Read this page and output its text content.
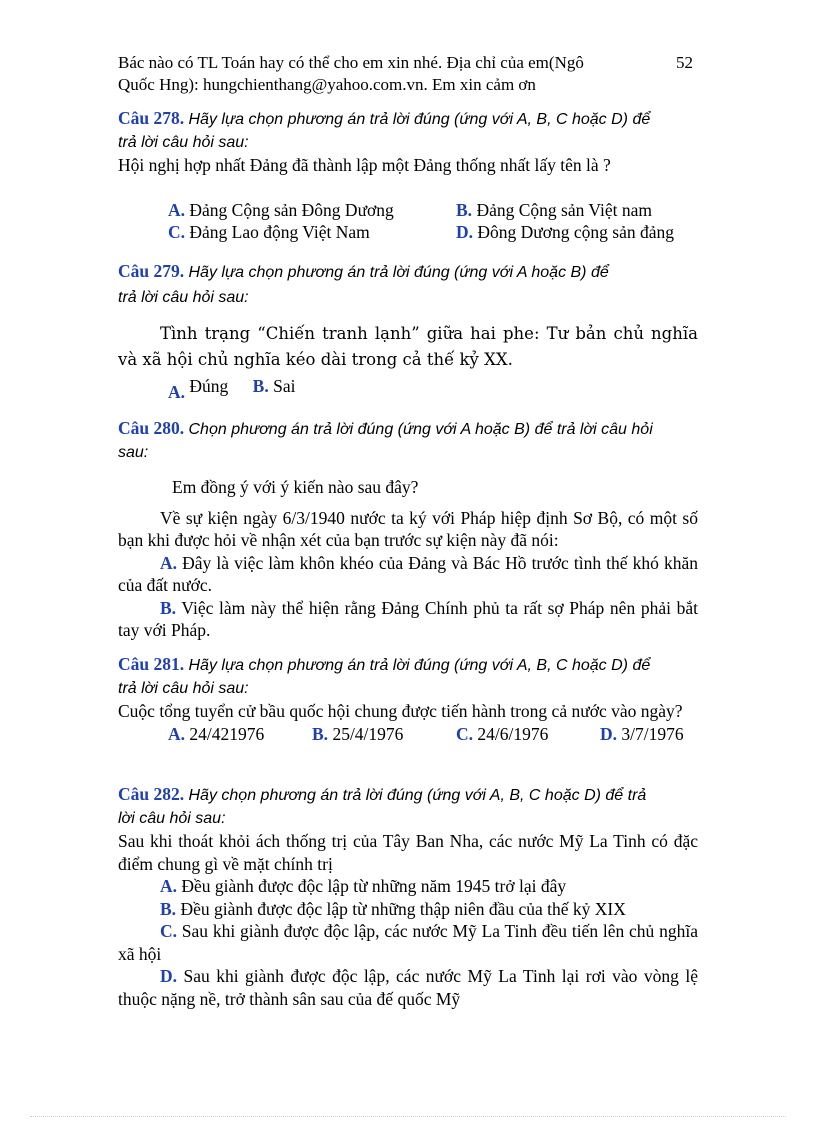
Bác nào có TL Toán hay có thể cho em xin nhé. Địa chỉ của em(Ngô
Quốc Hng): hungchienthang@yahoo.com.vn. Em xin cảm ơn
52
Câu 278. Hãy lựa chọn phương án trả lời đúng (ứng với A, B, C hoặc D) để
trả lời câu hỏi sau:
Hội nghị hợp nhất Đảng đã thành lập một Đảng thống nhất lấy tên là ?
A. Đảng Cộng sản Đông Dương	B. Đảng Cộng sản Việt nam
C. Đảng Lao động Việt Nam	D. Đông Dương cộng sản đảng
Câu 279. Hãy lựa chọn phương án trả lời đúng (ứng với A hoặc B) để
trả lời câu hỏi sau:
Tình trạng “Chiến tranh lạnh” giữa hai phe: Tư bản chủ nghĩa và xã hội chủ nghĩa kéo dài trong cả thế kỷ XX.
A. Đúng B. Sai
Câu 280. Chọn phương án trả lời đúng (ứng với A hoặc B) để trả lời câu hỏi
sau:
Em đồng ý với ý kiến nào sau đây?
Về sự kiện ngày 6/3/1940 nước ta ký với Pháp hiệp định Sơ Bộ, có một số bạn khi được hỏi về nhận xét của bạn trước sự kiện này đã nói:
A. Đây là việc làm khôn khéo của Đảng và Bác Hồ trước tình thế khó khăn của đất nước.
B. Việc làm này thể hiện rằng Đảng Chính phủ ta rất sợ Pháp nên phải bắt tay với Pháp.
Câu 281. Hãy lựa chọn phương án trả lời đúng (ứng với A, B, C hoặc D) để
trả lời câu hỏi sau:
Cuộc tổng tuyển cử bầu quốc hội chung được tiến hành trong cả nước vào ngày?
A. 24/421976	B. 25/4/1976	C. 24/6/1976	D. 3/7/1976
Câu 282. Hãy chọn phương án trả lời đúng (ứng với A, B, C hoặc D) để trả
lời câu hỏi sau:
Sau khi thoát khỏi ách thống trị của Tây Ban Nha, các nước Mỹ La Tinh có đặc điểm chung gì về mặt chính trị
A. Đều giành được độc lập từ những năm 1945 trở lại đây
B. Đều giành được độc lập từ những thập niên đầu của thế kỷ XIX
C. Sau khi giành được độc lập, các nước Mỹ La Tinh đều tiến lên chủ nghĩa xã hội
D. Sau khi giành được độc lập, các nước Mỹ La Tinh lại rơi vào vòng lệ thuộc nặng nề, trở thành sân sau của đế quốc Mỹ
